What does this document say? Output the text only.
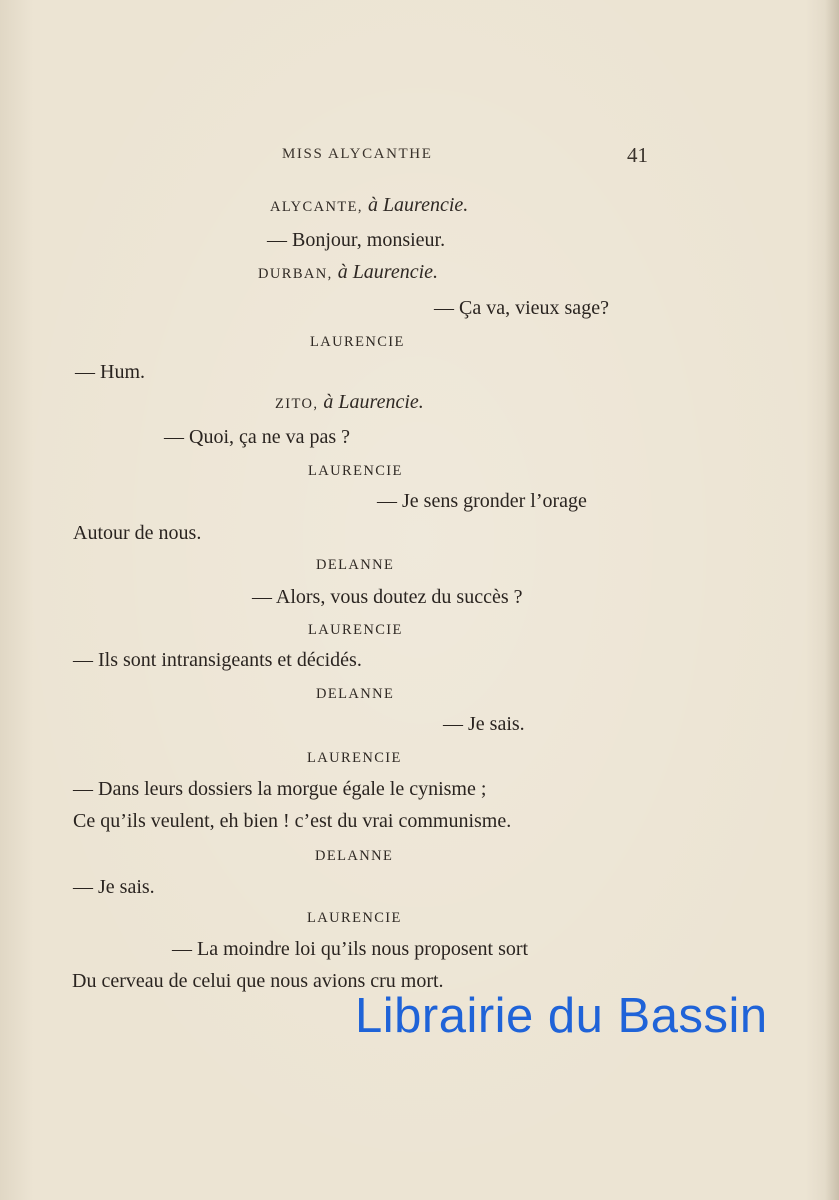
MISS ALYCANTHE	41
ALYCANTE, à Laurencie.
— Bonjour, monsieur.
DURBAN, à Laurencie.
— Ça va, vieux sage?
LAURENCIE
— Hum.
ZITO, à Laurencie.
— Quoi, ça ne va pas ?
LAURENCIE
— Je sens gronder l’orage
Autour de nous.
DELANNE
— Alors, vous doutez du succès ?
LAURENCIE
— Ils sont intransigeants et décidés.
DELANNE
— Je sais.
LAURENCIE
— Dans leurs dossiers la morgue égale le cynisme ;
Ce qu’ils veulent, eh bien ! c’est du vrai communisme.
DELANNE
— Je sais.
LAURENCIE
— La moindre loi qu’ils nous proposent sort
Du cerveau de celui que nous avions cru mort.
Librairie du Bassin
